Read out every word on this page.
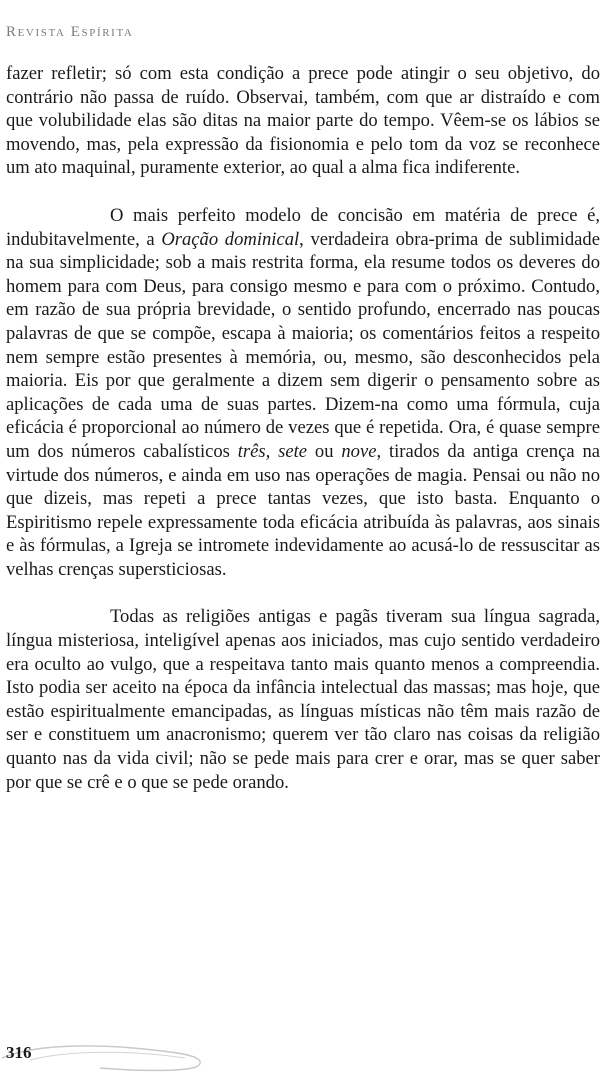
Revista Espírita

fazer refletir; só com esta condição a prece pode atingir o seu objetivo, do contrário não passa de ruído. Observai, também, com que ar distraído e com que volubilidade elas são ditas na maior parte do tempo. Vêem-se os lábios se movendo, mas, pela expressão da fisionomia e pelo tom da voz se reconhece um ato maquinal, puramente exterior, ao qual a alma fica indiferente.

O mais perfeito modelo de concisão em matéria de prece é, indubitavelmente, a Oração dominical, verdadeira obra-prima de sublimidade na sua simplicidade; sob a mais restrita forma, ela resume todos os deveres do homem para com Deus, para consigo mesmo e para com o próximo. Contudo, em razão de sua própria brevidade, o sentido profundo, encerrado nas poucas palavras de que se compõe, escapa à maioria; os comentários feitos a respeito nem sempre estão presentes à memória, ou, mesmo, são desconhecidos pela maioria. Eis por que geralmente a dizem sem digerir o pensamento sobre as aplicações de cada uma de suas partes. Dizem-na como uma fórmula, cuja eficácia é proporcional ao número de vezes que é repetida. Ora, é quase sempre um dos números cabalísticos três, sete ou nove, tirados da antiga crença na virtude dos números, e ainda em uso nas operações de magia. Pensai ou não no que dizeis, mas repeti a prece tantas vezes, que isto basta. Enquanto o Espiritismo repele expressamente toda eficácia atribuída às palavras, aos sinais e às fórmulas, a Igreja se intromete indevidamente ao acusá-lo de ressuscitar as velhas crenças supersticiosas.

Todas as religiões antigas e pagãs tiveram sua língua sagrada, língua misteriosa, inteligível apenas aos iniciados, mas cujo sentido verdadeiro era oculto ao vulgo, que a respeitava tanto mais quanto menos a compreendia. Isto podia ser aceito na época da infância intelectual das massas; mas hoje, que estão espiritualmente emancipadas, as línguas místicas não têm mais razão de ser e constituem um anacronismo; querem ver tão claro nas coisas da religião quanto nas da vida civil; não se pede mais para crer e orar, mas se quer saber por que se crê e o que se pede orando.

316
